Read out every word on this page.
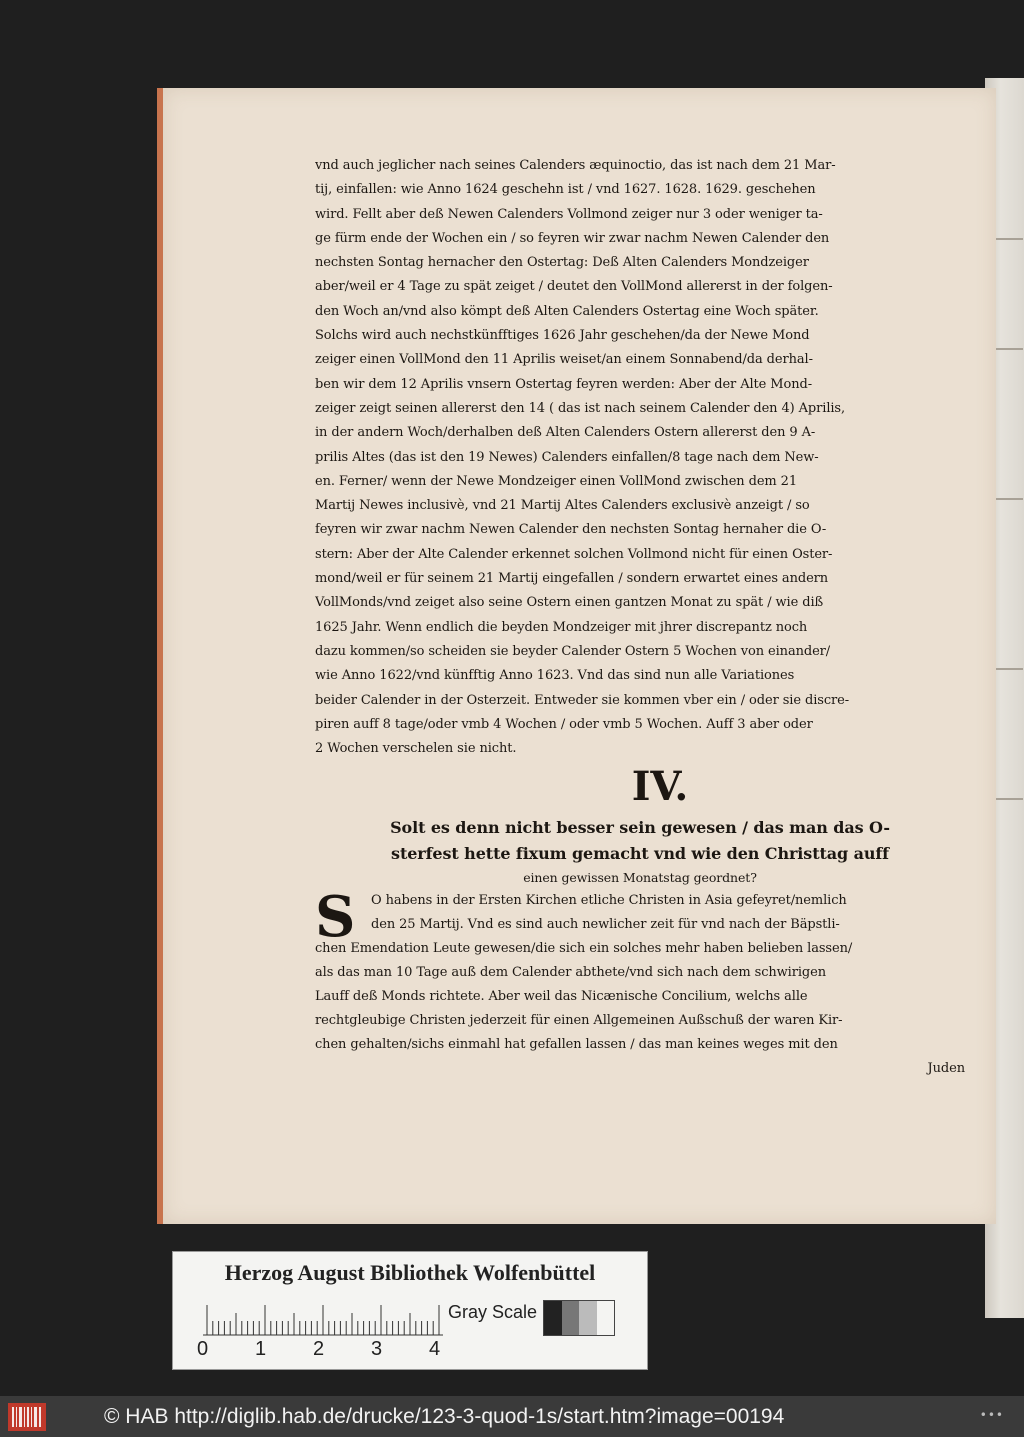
vnd auch jeglicher nach seines Calenders æquinoctio, das ist nach dem 21 Mar-
tij, einfallen: wie Anno 1624 geschehn ist / vnd 1627. 1628. 1629. geschehen
wird. Fellt aber deß Newen Calenders Vollmond zeiger nur 3 oder weniger ta-
ge fürm ende der Wochen ein / so feyren wir zwar nachm Newen Calender den
nechsten Sontag hernacher den Ostertag: Deß Alten Calenders Mondzeiger
aber/weil er 4 Tage zu spät zeiget / deutet den VollMond allererst in der folgen-
den Woch an/vnd also kömpt deß Alten Calenders Ostertag eine Woch später.
Solchs wird auch nechstkünfftiges 1626 Jahr geschehen/da der Newe Mond
zeiger einen VollMond den 11 Aprilis weiset/an einem Sonnabend/da derhal-
ben wir dem 12 Aprilis vnsern Ostertag feyren werden: Aber der Alte Mond-
zeiger zeigt seinen allererst den 14 ( das ist nach seinem Calender den 4) Aprilis,
in der andern Woch/derhalben deß Alten Calenders Ostern allererst den 9 A-
prilis Altes (das ist den 19 Newes) Calenders einfallen/8 tage nach dem New-
en. Ferner/ wenn der Newe Mondzeiger einen VollMond zwischen dem 21
Martij Newes inclusivè, vnd 21 Martij Altes Calenders exclusivè anzeigt / so
feyren wir zwar nachm Newen Calender den nechsten Sontag hernaher die O-
stern: Aber der Alte Calender erkennet solchen Vollmond nicht für einen Oster-
mond/weil er für seinem 21 Martij eingefallen / sondern erwartet eines andern
VollMonds/vnd zeiget also seine Ostern einen gantzen Monat zu spät / wie diß
1625 Jahr. Wenn endlich die beyden Mondzeiger mit jhrer discrepantz noch
dazu kommen/so scheiden sie beyder Calender Ostern 5 Wochen von einander/
wie Anno 1622/vnd künfftig Anno 1623. Vnd das sind nun alle Variationes
beider Calender in der Osterzeit. Entweder sie kommen vber ein / oder sie discre-
piren auff 8 tage/oder vmb 4 Wochen / oder vmb 5 Wochen. Auff 3 aber oder
2 Wochen verschelen sie nicht.
IV.
Solt es denn nicht besser sein gewesen / das man das O-
sterfest hette fixum gemacht vnd wie den Christtag auff
einen gewissen Monatstag geordnet?
S	O habens in der Ersten Kirchen etliche Christen in Asia gefeyret/nemlich
den 25 Martij. Vnd es sind auch newlicher zeit für vnd nach der Bäpstli-
chen Emendation Leute gewesen/die sich ein solches mehr haben belieben lassen/
als das man 10 Tage auß dem Calender abthete/vnd sich nach dem schwirigen
Lauff deß Monds richtete. Aber weil das Nicænische Concilium, welchs alle
rechtgleubige Christen jederzeit für einen Allgemeinen Außschuß der waren Kir-
chen gehalten/sichs einmahl hat gefallen lassen / das man keines weges mit den
Juden
Herzog August Bibliothek Wolfenbüttel
0 1 2 3 4
Gray Scale
© HAB http://diglib.hab.de/drucke/123-3-quod-1s/start.htm?image=00194	•••
